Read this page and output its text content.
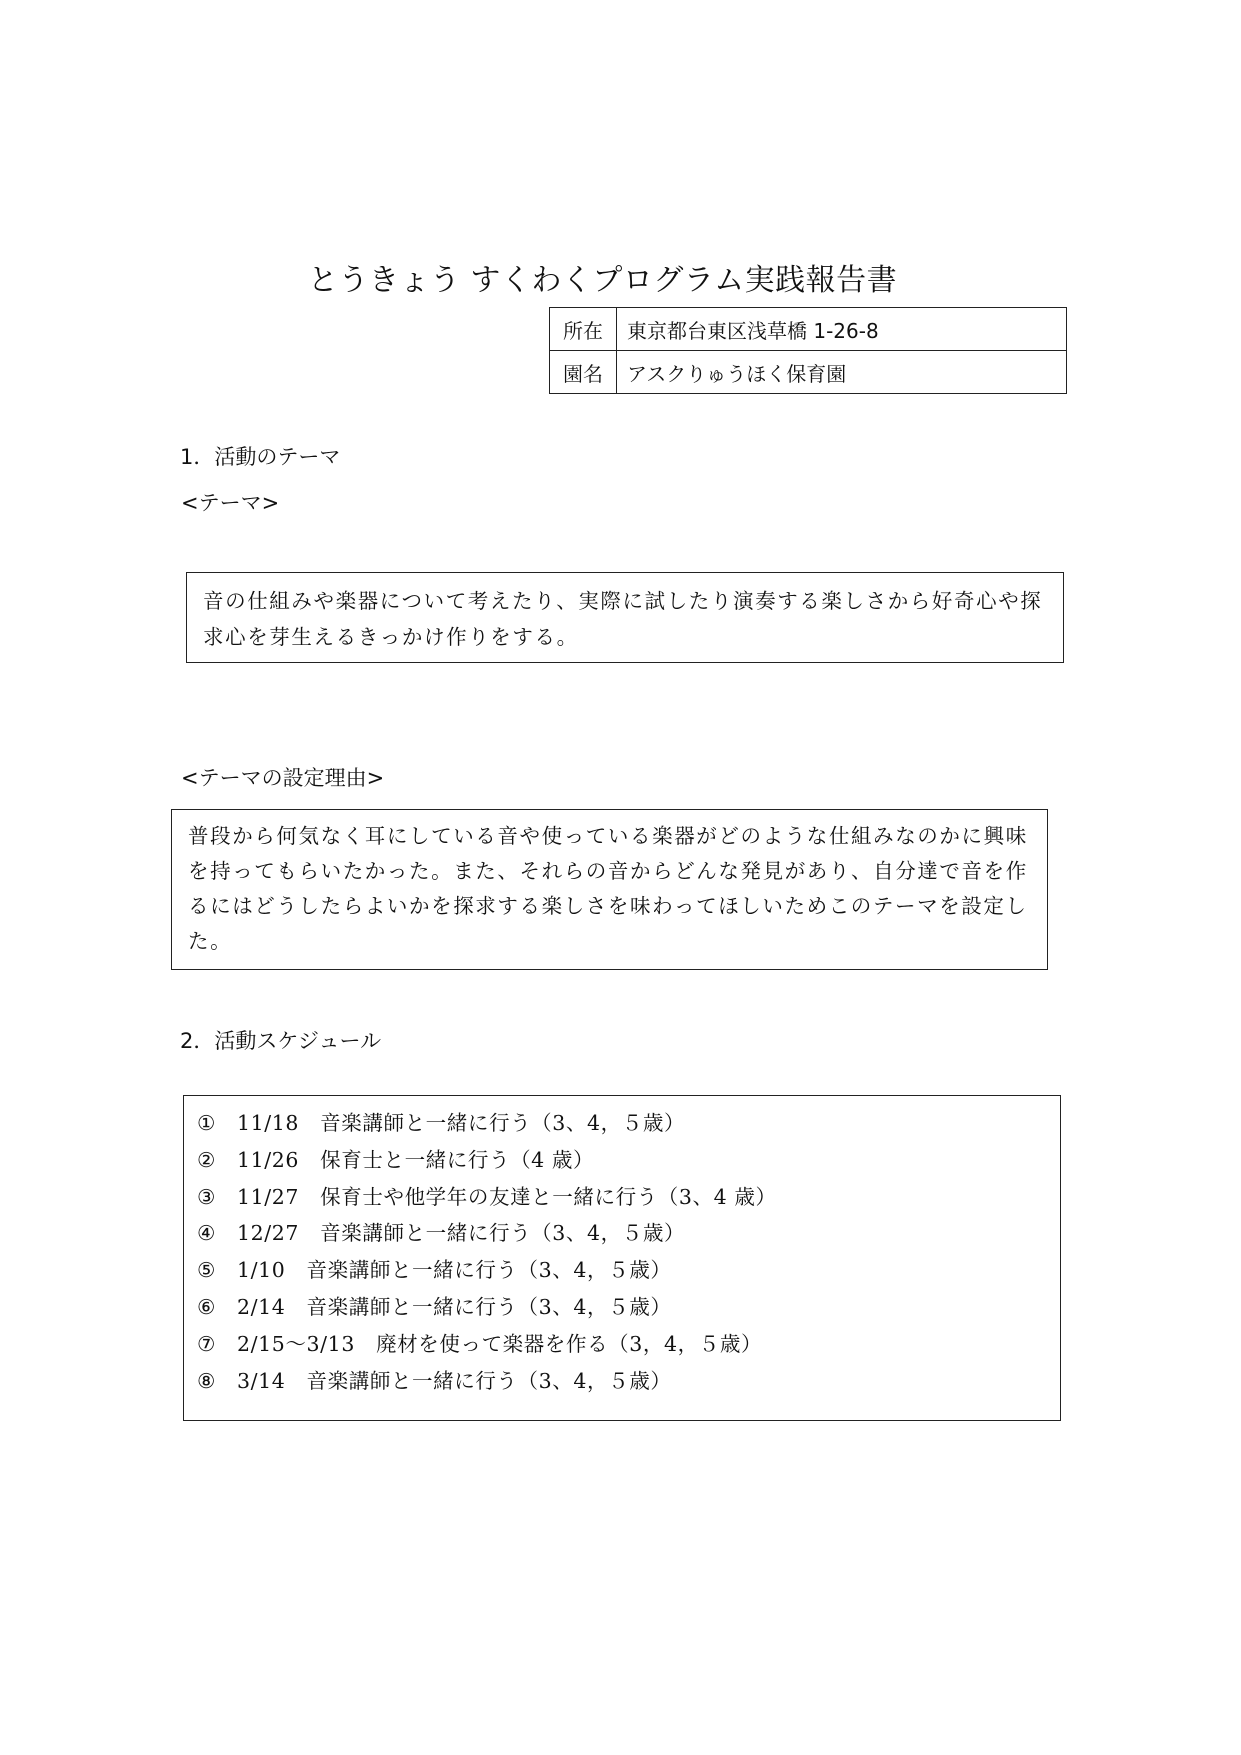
とうきょう すくわくプログラム実践報告書
所在	東京都台東区浅草橋 1-26-8
園名	アスクりゅうほく保育園
1．活動のテーマ
<テーマ>

音の仕組みや楽器について考えたり、実際に試したり演奏する楽しさから好奇心や探

求心を芽生えるきっかけ作りをする。

<テーマの設定理由>

普段から何気なく耳にしている音や使っている楽器がどのような仕組みなのかに興味

を持ってもらいたかった。また、それらの音からどんな発見があり、自分達で音を作

るにはどうしたらよいかを探求する楽しさを味わってほしいためこのテーマを設定し

た。

2．活動スケジュール
① 11/18　音楽講師と一緒に行う（3、4，５歳）
② 11/26　保育士と一緒に行う（4 歳）
③ 11/27　保育士や他学年の友達と一緒に行う（3、4 歳）
④ 12/27　音楽講師と一緒に行う（3、4，５歳）
⑤ 1/10　音楽講師と一緒に行う（3、4，５歳）
⑥ 2/14　音楽講師と一緒に行う（3、4，５歳）
⑦ 2/15～3/13　廃材を使って楽器を作る（3，4，５歳）
⑧ 3/14　音楽講師と一緒に行う（3、4，５歳）
